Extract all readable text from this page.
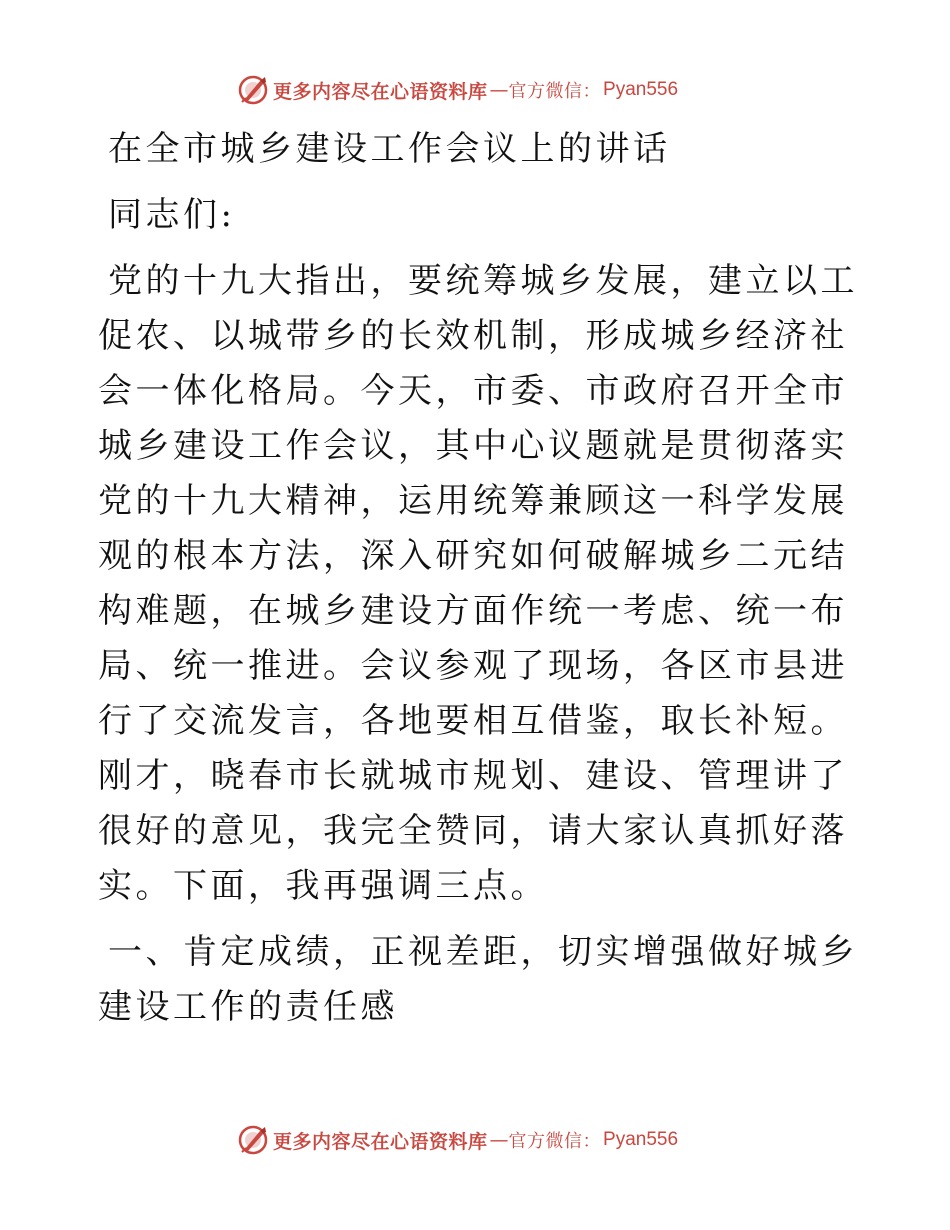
更多内容尽在心语资料库 — 官方微信： Pyan556

在全市城乡建设工作会议上的讲话

同志们:

党的十九大指出，要统筹城乡发展，建立以工促农、以城带乡的长效机制，形成城乡经济社会一体化格局。今天，市委、市政府召开全市城乡建设工作会议，其中心议题就是贯彻落实党的十九大精神，运用统筹兼顾这一科学发展观的根本方法，深入研究如何破解城乡二元结构难题，在城乡建设方面作统一考虑、统一布局、统一推进。会议参观了现场，各区市县进行了交流发言，各地要相互借鉴，取长补短。刚才，晓春市长就城市规划、建设、管理讲了很好的意见，我完全赞同，请大家认真抓好落实。下面，我再强调三点。

一、肯定成绩，正视差距，切实增强做好城乡建设工作的责任感

更多内容尽在心语资料库 — 官方微信： Pyan556
